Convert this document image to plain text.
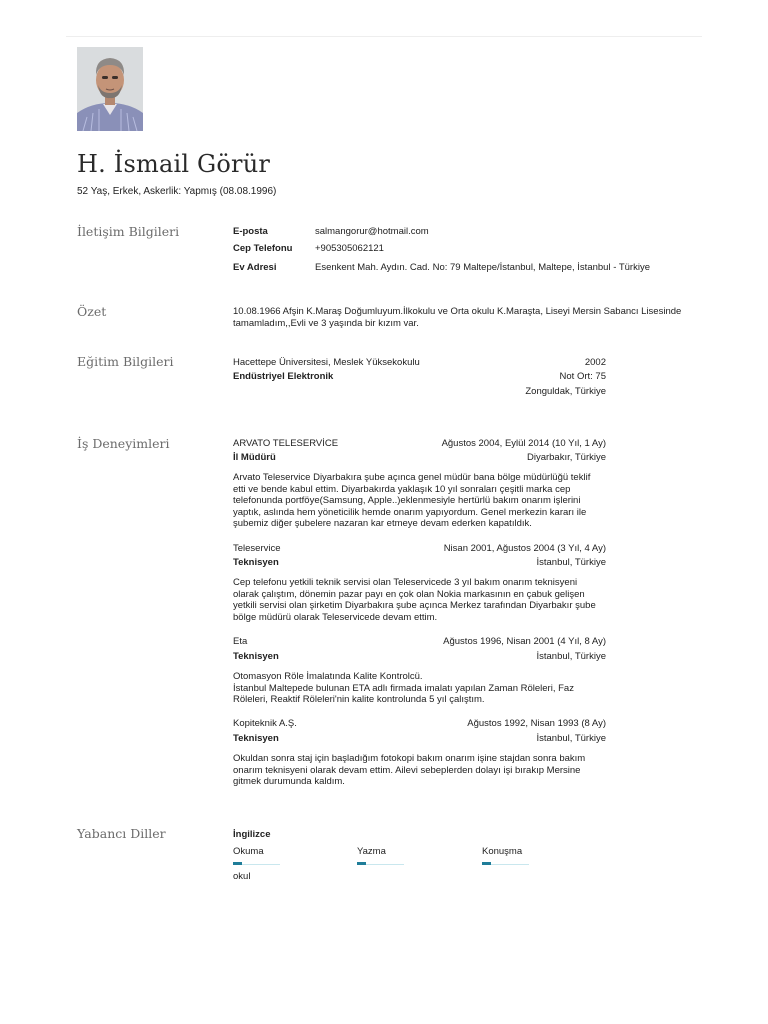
H. İsmail Görür
52 Yaş, Erkek, Askerlik: Yapmış (08.08.1996)
İletişim Bilgileri	E-posta	salmangorur@hotmail.com
Cep Telefonu +905305062121
Ev Adresi	Esenkent Mah. Aydın. Cad. No: 79 Maltepe/İstanbul, Maltepe, İstanbul - Türkiye
Özet	10.08.1966 Afşin K.Maraş Doğumluyum.İlkokulu ve Orta okulu K.Maraşta, Liseyi Mersin Sabancı Lisesinde
tamamladım,,Evli ve 3 yaşında bir kızım var.
Eğitim Bilgileri	Hacettepe Üniversitesi, Meslek Yüksekokulu	2002
Endüstriyel Elektronik	Not Ort: 75
Zonguldak, Türkiye
İş Deneyimleri	ARVATO TELESERVİCE	Ağustos 2004, Eylül 2014 (10 Yıl, 1 Ay)
İl Müdürü	Diyarbakır, Türkiye
Arvato Teleservice Diyarbakıra şube açınca genel müdür bana bölge müdürlüğü teklif
etti ve bende kabul ettim. Diyarbakırda yaklaşık 10 yıl sonraları çeşitli marka cep
telefonunda portföye(Samsung, Apple..)eklenmesiyle hertürlü bakım onarım işlerini
yaptık, aslında hem yöneticilik hemde onarım yapıyordum. Genel merkezin kararı ile
şubemiz diğer şubelere nazaran kar etmeye devam ederken kapatıldık.
Teleservice	Nisan 2001, Ağustos 2004 (3 Yıl, 4 Ay)
Teknisyen	İstanbul, Türkiye
Cep telefonu yetkili teknik servisi olan Teleservicede 3 yıl bakım onarım teknisyeni
olarak çalıştım, dönemin pazar payı en çok olan Nokia markasının en çabuk gelişen
yetkili servisi olan şirketim Diyarbakıra şube açınca Merkez tarafından Diyarbakır şube
bölge müdürü olarak Teleservicede devam ettim.
Eta	Ağustos 1996, Nisan 2001 (4 Yıl, 8 Ay)
Teknisyen	İstanbul, Türkiye
Otomasyon Röle İmalatında Kalite Kontrolcü.
İstanbul Maltepede bulunan ETA adlı firmada imalatı yapılan Zaman Röleleri, Faz
Röleleri, Reaktif Röleleri'nin kalite kontrolunda 5 yıl çalıştım.
Kopiteknik A.Ş.	Ağustos 1992, Nisan 1993 (8 Ay)
Teknisyen	İstanbul, Türkiye
Okuldan sonra staj için başladığım fotokopi bakım onarım işine stajdan sonra bakım
onarım teknisyeni olarak devam ettim. Ailevi sebeplerden dolayı işi bırakıp Mersine
gitmek durumunda kaldım.
Yabancı Diller	İngilizce
Okuma	Yazma	Konuşma
okul
